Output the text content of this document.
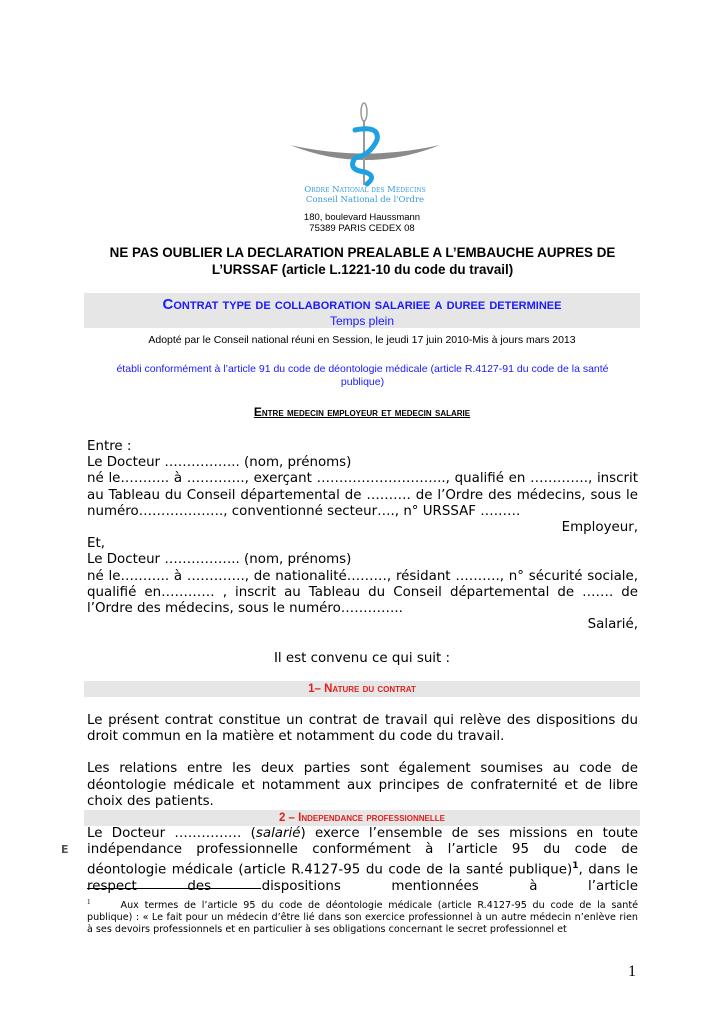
Ordre National des Médecins
Conseil National de l'Ordre
180, boulevard Haussmann
75389 PARIS CEDEX 08
NE PAS OUBLIER LA DECLARATION PREALABLE A L’EMBAUCHE AUPRES DE L’URSSAF (article L.1221-10 du code du travail)
Contrat type de collaboration salariee a duree determinee
Temps plein
Adopté par le Conseil national réuni en Session, le jeudi 17 juin 2010-Mis à jours mars 2013
établi conformément à l’article 91 du code de déontologie médicale (article R.4127-91 du code de la santé publique)
Entre medecin employeur et medecin salarie

Entre :

Le Docteur …………….. (nom, prénoms)

né le……….. à …………., exerçant ……………………….., qualifié en …………., inscrit au Tableau du Conseil départemental de ………. de l’Ordre des médecins, sous le numéro………………., conventionné secteur…., n° URSSAF ………

Employeur,

Et,

Le Docteur …………….. (nom, prénoms)

né le……….. à …………., de nationalité………, résidant ………., n° sécurité sociale, qualifié en………… , inscrit au Tableau du Conseil départemental de ……. de l’Ordre des médecins, sous le numéro…………..

Salarié,

Il est convenu ce qui suit :
1– Nature du contrat

Le présent contrat constitue un contrat de travail qui relève des dispositions du droit commun en la matière et notamment du code du travail.

Les relations entre les deux parties sont également soumises au code de déontologie médicale et notamment aux principes de confraternité et de libre choix des patients.

2 – Independance professionnelle
E
Le Docteur …………… (salarié) exerce l’ensemble de ses missions en toute indépendance professionnelle conformément à l’article 95 du code de déontologie médicale (article R.4127-95 du code de la santé publique)$^1$, dans le respect des dispositions mentionnées à l’article
$^1$	Aux termes de l’article 95 du code de déontologie médicale (article R.4127-95 du code de la santé publique) : « Le fait pour un médecin d’être lié dans son exercice professionnel à un autre médecin n’enlève rien à ses devoirs professionnels et en particulier à ses obligations concernant le secret professionnel et
1
